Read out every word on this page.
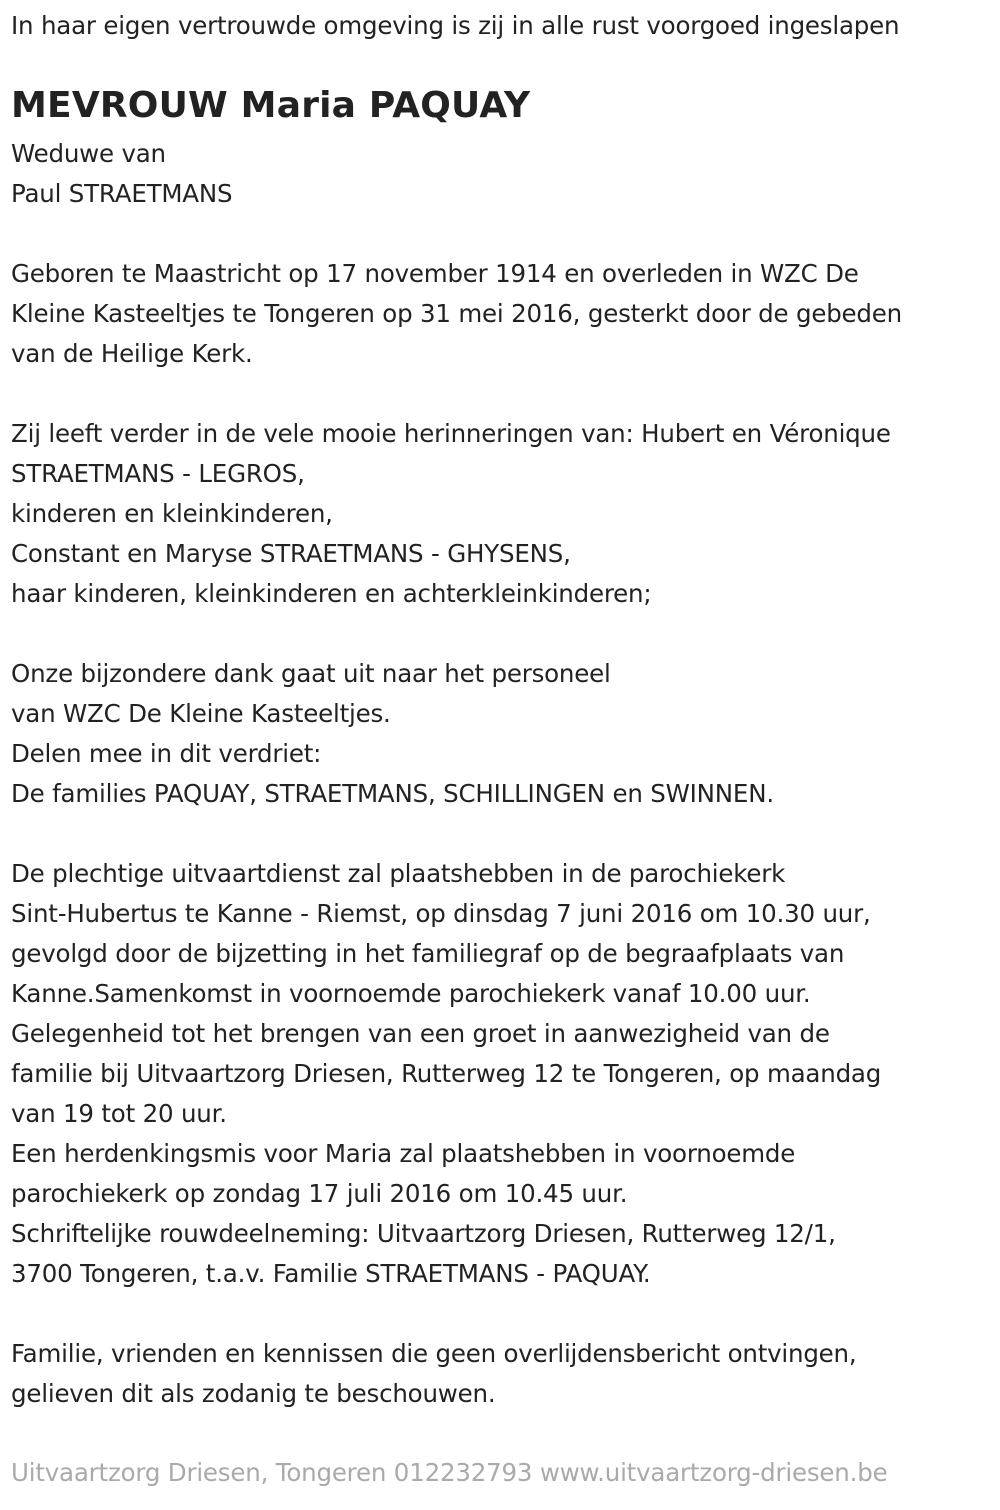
In haar eigen vertrouwde omgeving is zij in alle rust voorgoed ingeslapen
MEVROUW Maria PAQUAY
Weduwe van
Paul STRAETMANS
Geboren te Maastricht op 17 november 1914 en overleden in WZC De
Kleine Kasteeltjes te Tongeren op 31 mei 2016, gesterkt door de gebeden
van de Heilige Kerk.
Zij leeft verder in de vele mooie herinneringen van: Hubert en Véronique
STRAETMANS - LEGROS,
kinderen en kleinkinderen,
Constant en Maryse STRAETMANS - GHYSENS,
haar kinderen, kleinkinderen en achterkleinkinderen;
Onze bijzondere dank gaat uit naar het personeel
van WZC De Kleine Kasteeltjes.
Delen mee in dit verdriet:
De families PAQUAY, STRAETMANS, SCHILLINGEN en SWINNEN.
De plechtige uitvaartdienst zal plaatshebben in de parochiekerk
Sint-Hubertus te Kanne - Riemst, op dinsdag 7 juni 2016 om 10.30 uur,
gevolgd door de bijzetting in het familiegraf op de begraafplaats van
Kanne.Samenkomst in voornoemde parochiekerk vanaf 10.00 uur.
Gelegenheid tot het brengen van een groet in aanwezigheid van de
familie bij Uitvaartzorg Driesen, Rutterweg 12 te Tongeren, op maandag
van 19 tot 20 uur.
Een herdenkingsmis voor Maria zal plaatshebben in voornoemde
parochiekerk op zondag 17 juli 2016 om 10.45 uur.
Schriftelijke rouwdeelneming: Uitvaartzorg Driesen, Rutterweg 12/1,
3700 Tongeren, t.a.v. Familie STRAETMANS - PAQUAY.
Familie, vrienden en kennissen die geen overlijdensbericht ontvingen,
gelieven dit als zodanig te beschouwen.
Uitvaartzorg Driesen, Tongeren 012232793 www.uitvaartzorg-driesen.be
